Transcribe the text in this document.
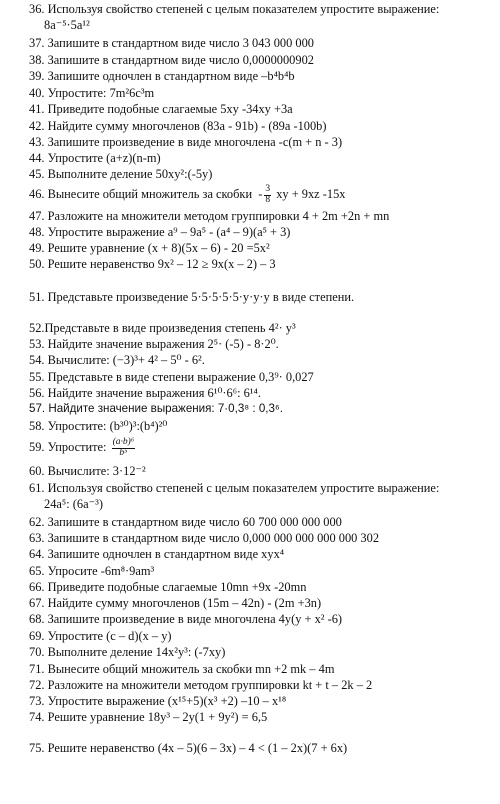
36. Используя свойство степеней с целым показателем упростите выражение:
8a⁻⁵·5a¹²
37. Запишите в стандартном виде число 3 043 000 000
38. Запишите в стандартном виде число 0,0000000902
39. Запишите одночлен в стандартном виде –b⁴b⁴b
40. Упростите: 7m²6c³m
41. Приведите подобные слагаемые 5xy -34xy +3a
42. Найдите сумму многочленов (83a - 91b) - (89a -100b)
43. Запишите произведение в виде многочлена -c(m + n - 3)
44. Упростите (a+z)(n-m)
45. Выполните деление 50xy²:(-5y)
46. Вынесите общий множитель за скобки - $\frac{3}{8}$ xy + 9xz -15x
47. Разложите на множители методом группировки 4 + 2m +2n + mn
48. Упростите выражение a⁹ – 9a⁵ - (a⁴ – 9)(a⁵ + 3)
49. Решите уравнение (x + 8)(5x – 6) - 20 =5x²
50. Решите неравенство 9x² – 12 ≥ 9x(x – 2) – 3
51. Представьте произведение 5·5·5·5·5·y·y·y в виде степени.
52.Представьте в виде произведения степень 4²· y³
53. Найдите значение выражения 2⁵· (-5) - 8·2⁰.
54. Вычислите: (−3)³+ 4² – 5⁰ - 6².
55. Представьте в виде степени выражение 0,3⁹· 0,027
56. Найдите значение выражения 6¹⁰·6⁶: 6¹⁴.
57. Найдите значение выражения: 7·0,3⁸ : 0,3⁶.
58. Упростите: (b³⁰)³:(b⁴)²⁰
59. Упростите: $\frac{\text{(a·b)⁶}}{\text{b⁵}}$
60. Вычислите: 3·12⁻²
61. Используя свойство степеней с целым показателем упростите выражение:
24a⁵: (6a⁻³)
62. Запишите в стандартном виде число 60 700 000 000 000
63. Запишите в стандартном виде число 0,000 000 000 000 000 302
64. Запишите одночлен в стандартном виде xyx⁴
65. Упросите -6m⁸·9am³
66. Приведите подобные слагаемые 10mn +9x -20mn
67. Найдите сумму многочленов (15m – 42n) - (2m +3n)
68. Запишите произведение в виде многочлена 4y(y + x² -6)
69. Упростите (c – d)(x – y)
70. Выполните деление 14x²y³: (-7xy)
71. Вынесите общий множитель за скобки mn +2 mk – 4m
72. Разложите на множители методом группировки kt + t – 2k – 2
73. Упростите выражение (x¹⁵+5)(x³ +2) –10 – x¹⁸
74. Решите уравнение 18y³ – 2y(1 + 9y²) = 6,5
75. Решите неравенство (4x – 5)(6 – 3x) – 4 < (1 – 2x)(7 + 6x)
